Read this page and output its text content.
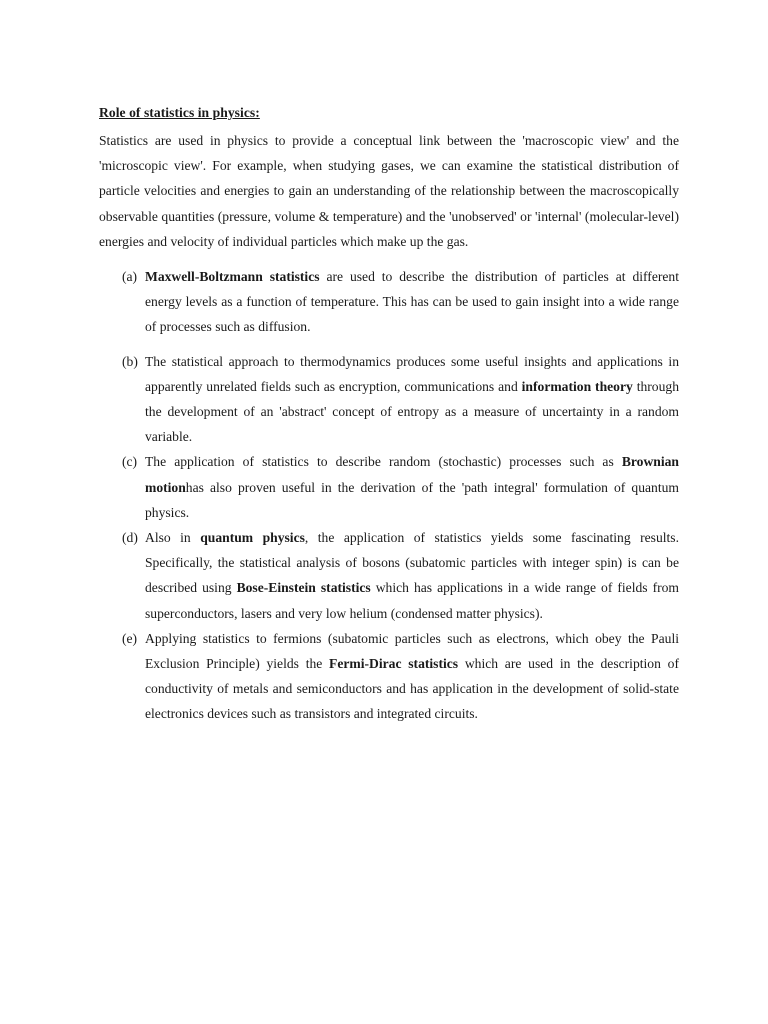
Role of statistics in physics:

Statistics are used in physics to provide a conceptual link between the 'macroscopic view' and the 'microscopic view'. For example, when studying gases, we can examine the statistical distribution of particle velocities and energies to gain an understanding of the relationship between the macroscopically observable quantities (pressure, volume & temperature) and the 'unobserved' or 'internal' (molecular-level) energies and velocity of individual particles which make up the gas.

(a) Maxwell-Boltzmann statistics are used to describe the distribution of particles at different energy levels as a function of temperature. This has can be used to gain insight into a wide range of processes such as diffusion.
(b) The statistical approach to thermodynamics produces some useful insights and applications in apparently unrelated fields such as encryption, communications and information theory through the development of an 'abstract' concept of entropy as a measure of uncertainty in a random variable.
(c) The application of statistics to describe random (stochastic) processes such as Brownian motionhas also proven useful in the derivation of the 'path integral' formulation of quantum physics.
(d) Also in quantum physics, the application of statistics yields some fascinating results. Specifically, the statistical analysis of bosons (subatomic particles with integer spin) is can be described using Bose-Einstein statistics which has applications in a wide range of fields from superconductors, lasers and very low helium (condensed matter physics).
(e) Applying statistics to fermions (subatomic particles such as electrons, which obey the Pauli Exclusion Principle) yields the Fermi-Dirac statistics which are used in the description of conductivity of metals and semiconductors and has application in the development of solid-state electronics devices such as transistors and integrated circuits.
